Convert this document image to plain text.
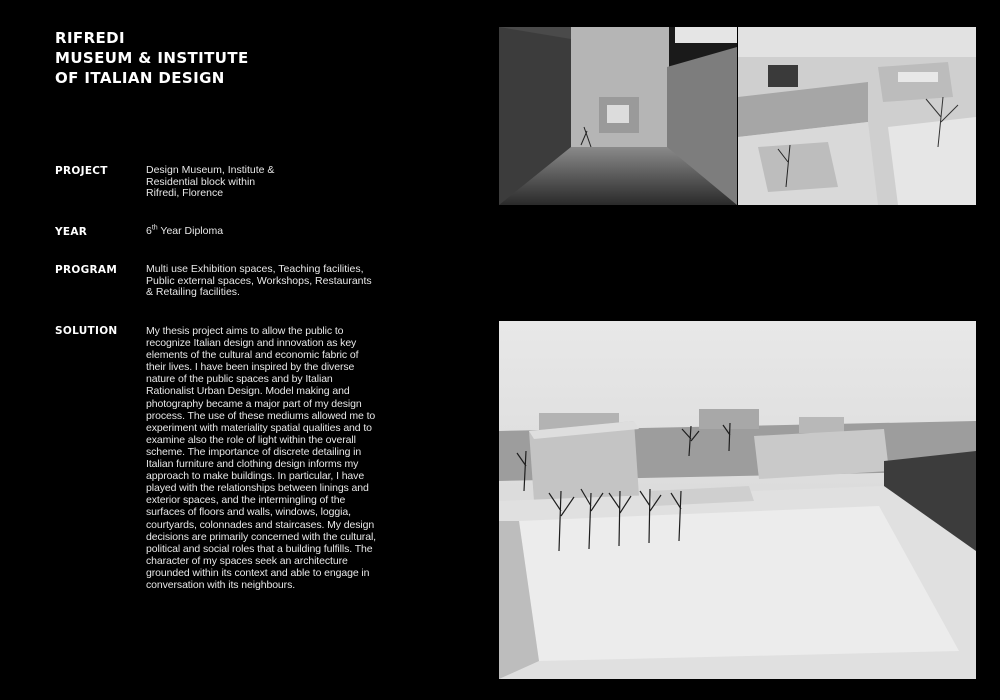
RIFREDI
MUSEUM & INSTITUTE
OF ITALIAN DESIGN
PROJECT	Design Museum, Institute &
Residential block within
Rifredi, Florence
YEAR	6th Year Diploma
PROGRAM	Multi use Exhibition spaces, Teaching facilities,
Public external spaces, Workshops, Restaurants
& Retailing facilities.
SOLUTION	My thesis project aims to allow the public to recognize Italian design and innovation as key elements of the cultural and economic fabric of their lives. I have been inspired by the diverse nature of the public spaces and by Italian Rationalist Urban Design. Model making and photography became a major part of my design process. The use of these mediums allowed me to experiment with materiality spatial qualities and to examine also the role of light within the overall scheme. The importance of discrete detailing in Italian furniture and clothing design informs my approach to make buildings. In particular, I have played with the relationships between linings and exterior spaces, and the intermingling of the surfaces of floors and walls, windows, loggia, courtyards, colonnades and staircases. My design decisions are primarily concerned with the cultural, political and social roles that a building fulfills. The character of my spaces seek an architecture grounded within its context and able to engage in conversation with its neighbours.
